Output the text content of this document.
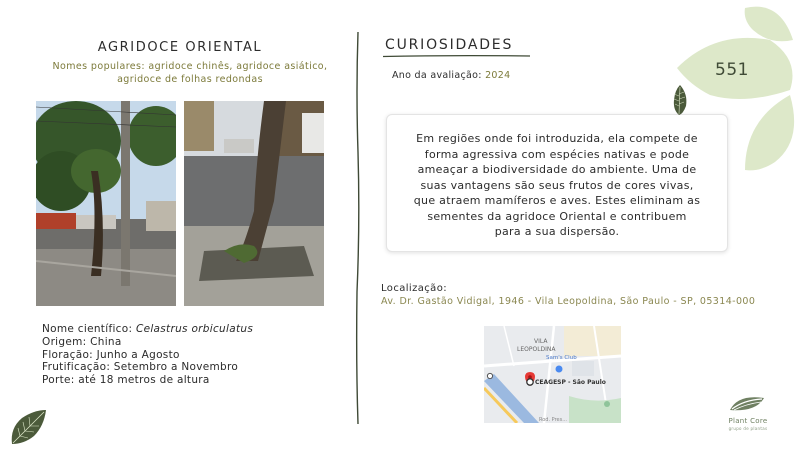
AGRIDOCE ORIENTAL
Nomes populares: agridoce chinês, agridoce asiático,
agridoce de folhas redondas
Nome científico: Celastrus orbiculatus
Origem: China
Floração: Junho a Agosto
Frutificação: Setembro a Novembro
Porte: até 18 metros de altura
CURIOSIDADES
Ano da avaliação: 2024
Em regiões onde foi introduzida, ela compete de
forma agressiva com espécies nativas e pode
ameaçar a biodiversidade do ambiente. Uma de
suas vantagens são seus frutos de cores vivas,
que atraem mamíferos e aves. Estes eliminam as
sementes da agridoce Oriental e contribuem
para a sua dispersão.
Localização:
Av. Dr. Gastão Vidigal, 1946 - Vila Leopoldina, São Paulo - SP, 05314-000
VILA
LEOPOLDINA
Sam's Club
CEAGESP - São Paulo
Rod. Pres...
551
Plant Core
grupo de plantas
